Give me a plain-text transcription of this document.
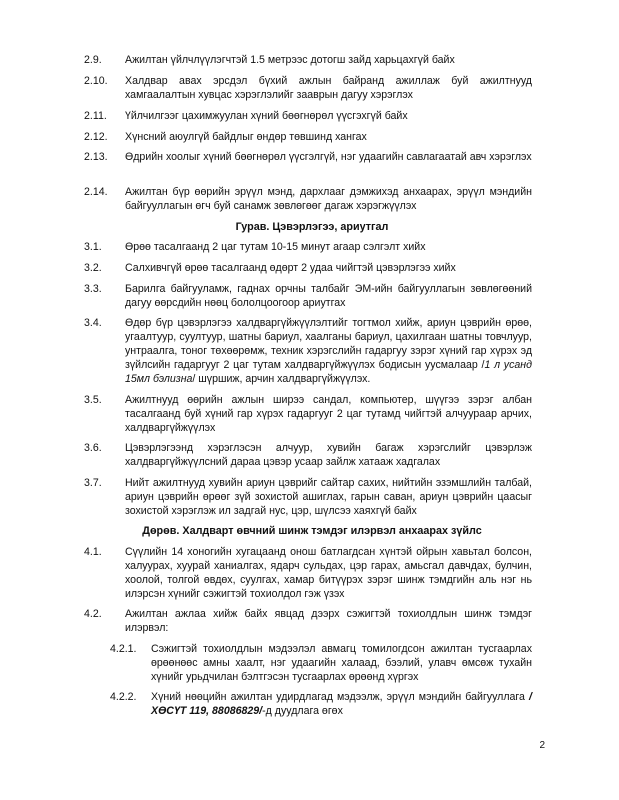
2.9.	Ажилтан үйлчлүүлэгчтэй 1.5 метрээс дотогш зайд харьцахгүй байх
2.10.	Халдвар авах эрсдэл бүхий ажлын байранд ажиллаж буй ажилтнууд хамгаалалтын хувцас хэрэглэлийг зааврын дагуу хэрэглэх
2.11.	Үйлчилгээг цахимжуулан хүний бөөгнөрөл үүсгэхгүй байх
2.12.	Хүнсний аюулгүй байдлыг өндөр төвшинд хангах
2.13.	Өдрийн хоолыг хүний бөөгнөрөл үүсгэлгүй, нэг удаагийн савлагаатай авч хэрэглэх
2.14.	Ажилтан бүр өөрийн эрүүл мэнд, дархлааг дэмжихэд анхаарах, эрүүл мэндийн байгууллагын өгч буй санамж зөвлөгөөг дагаж хэрэгжүүлэх
Гурав. Цэвэрлэгээ, ариутгал
3.1.	Өрөө тасалгаанд 2 цаг тутам 10-15 минут агаар сэлгэлт хийх
3.2.	Салхивчгүй өрөө тасалгаанд өдөрт 2 удаа чийгтэй цэвэрлэгээ хийх
3.3.	Барилга байгууламж, гаднах орчны талбайг ЭМ-ийн байгууллагын зөвлөгөөний дагуу өөрсдийн нөөц бололцоогоор ариутгах
3.4.	Өдөр бүр цэвэрлэгээ халдваргүйжүүлэлтийг тогтмол хийж, ариун цэврийн өрөө, угаалтуур, суултуур, шатны бариул, хаалганы бариул, цахилгаан шатны товчлуур, унтраалга, тоног төхөөрөмж, техник хэрэгслийн гадаргуу зэрэг хүний гар хүрэх эд зүйлсийн гадаргууг 2 цаг тутам халдваргүйжүүлэх бодисын уусмалаар /1 л усанд 15мл бэлизна/ шүршиж, арчин халдваргүйжүүлэх.
3.5.	Ажилтнууд өөрийн ажлын ширээ сандал, компьютер, шүүгээ зэрэг албан тасалгаанд буй хүний гар хүрэх гадаргууг 2 цаг тутамд чийгтэй алчуураар арчих, халдваргүйжүүлэх
3.6.	Цэвэрлэгээнд хэрэглэсэн алчуур, хувийн багаж хэрэгслийг цэвэрлэж халдваргүйжүүлсний дараа цэвэр усаар зайлж хатааж хадгалах
3.7.	Нийт ажилтнууд хувийн ариун цэврийг сайтар сахих, нийтийн эзэмшлийн талбай, ариун цэврийн өрөөг зүй зохистой ашиглах, гарын саван, ариун цэврийн цаасыг зохистой хэрэглэж ил задгай нус, цэр, шүлсээ хаяхгүй байх
Дөрөв. Халдварт өвчний шинж тэмдэг илэрвэл анхаарах зүйлс
4.1.	Сүүлийн 14 хоногийн хугацаанд онош батлагдсан хүнтэй ойрын хавьтал болсон, халуурах, хуурай ханиалгах, ядарч сульдах, цэр гарах, амьсгал давчдах, булчин, хоолой, толгой өвдөх, суулгах, хамар битүүрэх зэрэг шинж тэмдгийн аль нэг нь илэрсэн хүнийг сэжигтэй тохиолдол гэж үзэх
4.2.	Ажилтан ажлаа хийж байх явцад дээрх сэжигтэй тохиолдлын шинж тэмдэг илэрвэл:
4.2.1.	Сэжигтэй тохиолдлын мэдээлэл авмагц томилогдсон ажилтан тусгаарлах өрөөнөөс амны хаалт, нэг удаагийн халаад, бээлий, улавч өмсөж тухайн хүнийг урьдчилан бэлтгэсэн тусгаарлах өрөөнд хүргэх
4.2.2.	Хүний нөөцийн ажилтан удирдлагад мэдээлж, эрүүл мэндийн байгууллага /ХӨСҮТ 119, 88086829/-д дуудлага өгөх
2
